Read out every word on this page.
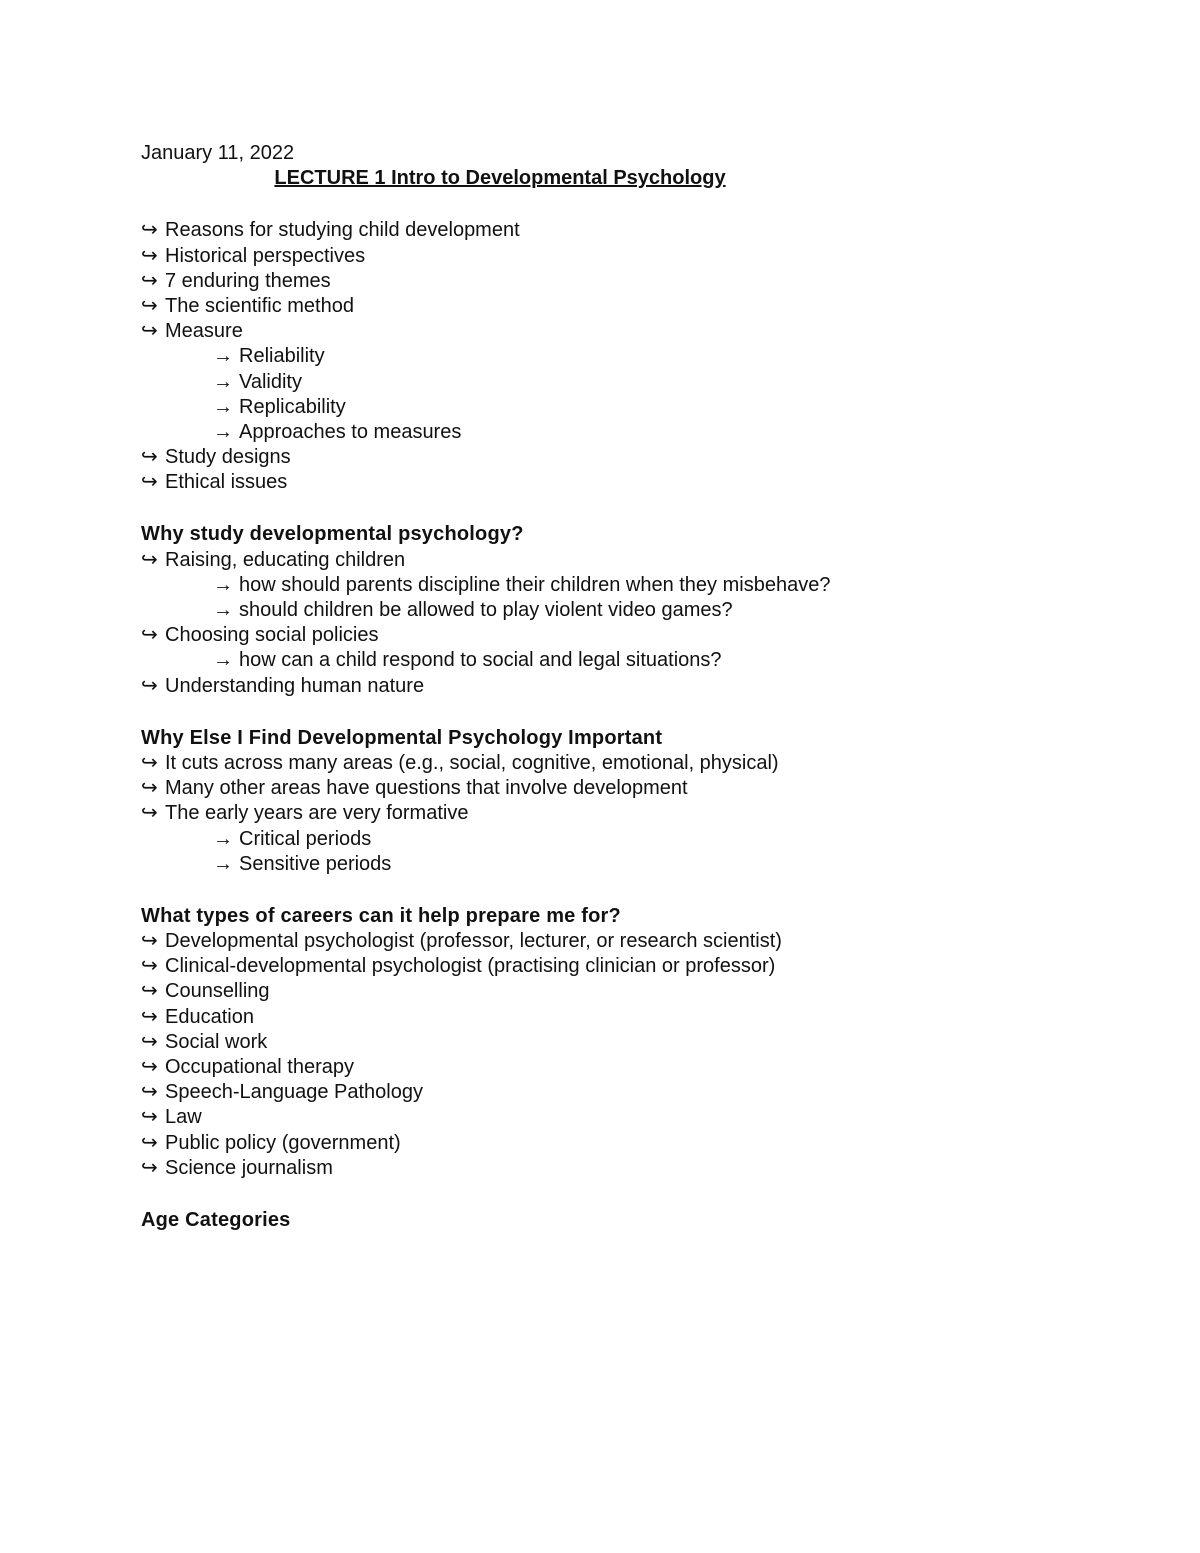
January 11, 2022
LECTURE 1 Intro to Developmental Psychology
↪ Reasons for studying child development
↪ Historical perspectives
↪ 7 enduring themes
↪ The scientific method
↪ Measure
→ Reliability
→ Validity
→ Replicability
→ Approaches to measures
↪ Study designs
↪ Ethical issues
Why study developmental psychology?
↪ Raising, educating children
→ how should parents discipline their children when they misbehave?
→ should children be allowed to play violent video games?
↪ Choosing social policies
→ how can a child respond to social and legal situations?
↪ Understanding human nature
Why Else I Find Developmental Psychology Important
↪ It cuts across many areas (e.g., social, cognitive, emotional, physical)
↪ Many other areas have questions that involve development
↪ The early years are very formative
→ Critical periods
→ Sensitive periods
What types of careers can it help prepare me for?
↪ Developmental psychologist (professor, lecturer, or research scientist)
↪ Clinical-developmental psychologist (practising clinician or professor)
↪ Counselling
↪ Education
↪ Social work
↪ Occupational therapy
↪ Speech-Language Pathology
↪ Law
↪ Public policy (government)
↪ Science journalism
Age Categories
